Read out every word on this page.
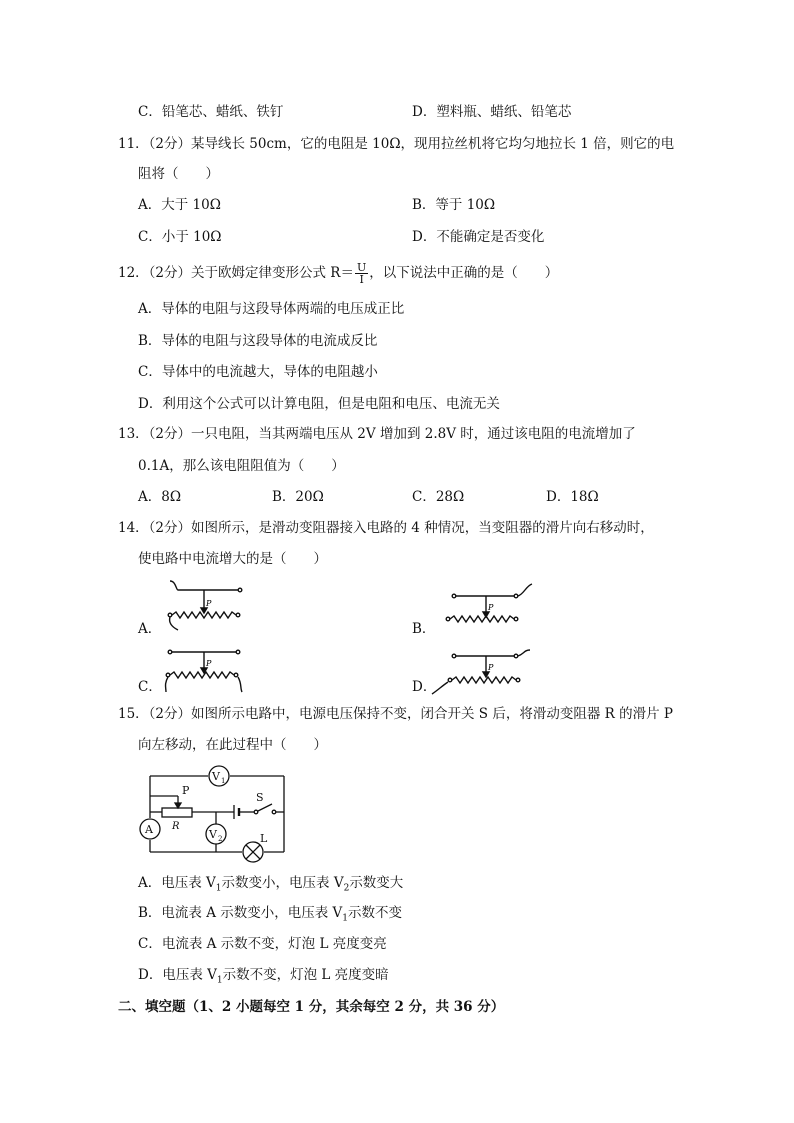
C．铅笔芯、蜡纸、铁钉	D．塑料瓶、蜡纸、铅笔芯
11．（2分）某导线长 50cm，它的电阻是 10Ω，现用拉丝机将它均匀地拉长 1 倍，则它的电
阻将（　　）
A．大于 10Ω	B．等于 10Ω
C．小于 10Ω	D．不能确定是否变化
12．（2分）关于欧姆定律变形公式 $R= \frac{U}{I}$ ，以下说法中正确的是（　　）
A．导体的电阻与这段导体两端的电压成正比
B．导体的电阻与这段导体的电流成反比
C．导体中的电流越大，导体的电阻越小
D．利用这个公式可以计算电阻，但是电阻和电压、电流无关
13．（2分）一只电阻，当其两端电压从 2V 增加到 2.8V 时，通过该电阻的电流增加了
0.1A，那么该电阻阻值为（　　）
A．8Ω	B．20Ω	C．28Ω	D．18Ω
14．（2分）如图所示，是滑动变阻器接入电路的 4 种情况，当变阻器的滑片向右移动时，
使电路中电流增大的是（　　）
A．
P
B．
P
C．
P
D．
P
15．（2分）如图所示电路中，电源电压保持不变，闭合开关 S 后，将滑动变阻器 R 的滑片 P
向左移动，在此过程中（　　）
V 1
V 2
A
P
R
S
L
A．电压表 $V_1$示数变小，电压表 $V_2$示数变大
B．电流表 A 示数变小，电压表 $V_1$示数不变
C．电流表 A 示数不变，灯泡 L 亮度变亮
D．电压表 $V_1$示数不变，灯泡 L 亮度变暗
二、填空题（1、2 小题每空 1 分，其余每空 2 分，共 36 分）
